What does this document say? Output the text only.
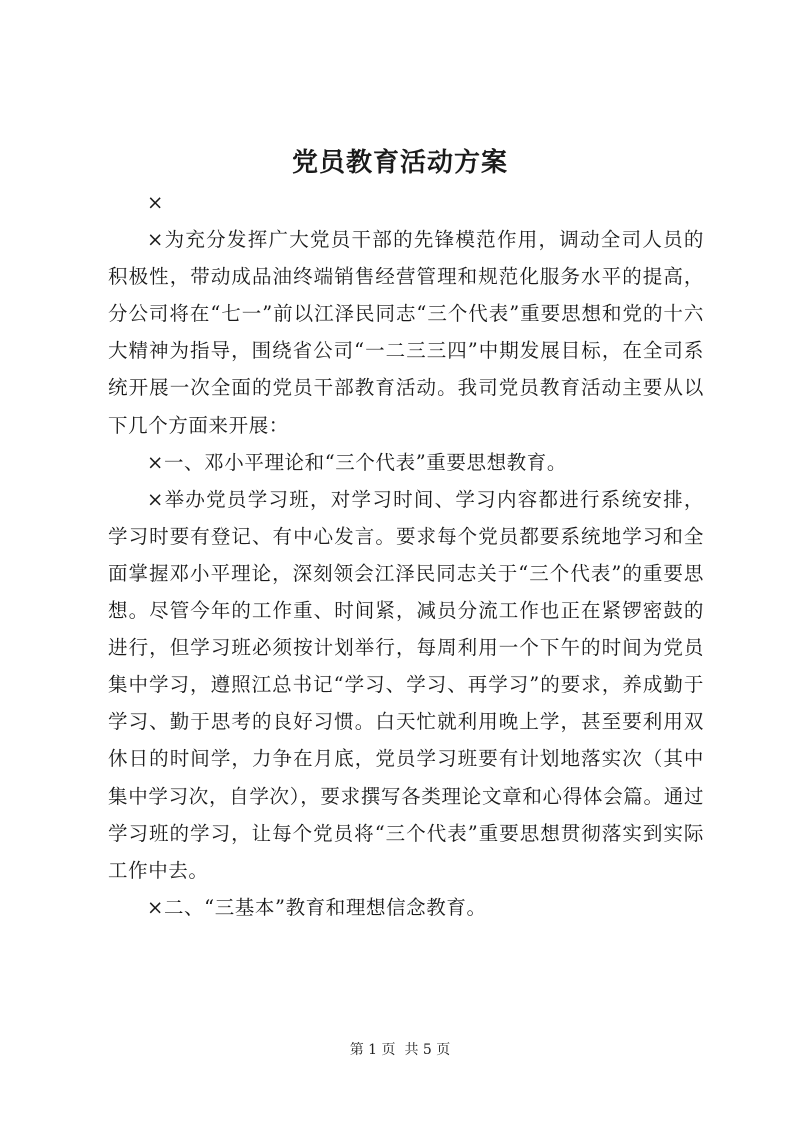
党员教育活动方案

×

×为充分发挥广大党员干部的先锋模范作用，调动全司人员的积极性，带动成品油终端销售经营管理和规范化服务水平的提高，分公司将在“七一”前以江泽民同志“三个代表”重要思想和党的十六大精神为指导，围绕省公司“一二三三四”中期发展目标，在全司系统开展一次全面的党员干部教育活动。我司党员教育活动主要从以下几个方面来开展：

×一、邓小平理论和“三个代表”重要思想教育。

×举办党员学习班，对学习时间、学习内容都进行系统安排，学习时要有登记、有中心发言。要求每个党员都要系统地学习和全面掌握邓小平理论，深刻领会江泽民同志关于“三个代表”的重要思想。尽管今年的工作重、时间紧，减员分流工作也正在紧锣密鼓的进行，但学习班必须按计划举行，每周利用一个下午的时间为党员集中学习，遵照江总书记“学习、学习、再学习”的要求，养成勤于学习、勤于思考的良好习惯。白天忙就利用晚上学，甚至要利用双休日的时间学，力争在月底，党员学习班要有计划地落实次（其中集中学习次，自学次），要求撰写各类理论文章和心得体会篇。通过学习班的学习，让每个党员将“三个代表”重要思想贯彻落实到实际工作中去。

×二、“三基本”教育和理想信念教育。

第 1 页  共 5 页
